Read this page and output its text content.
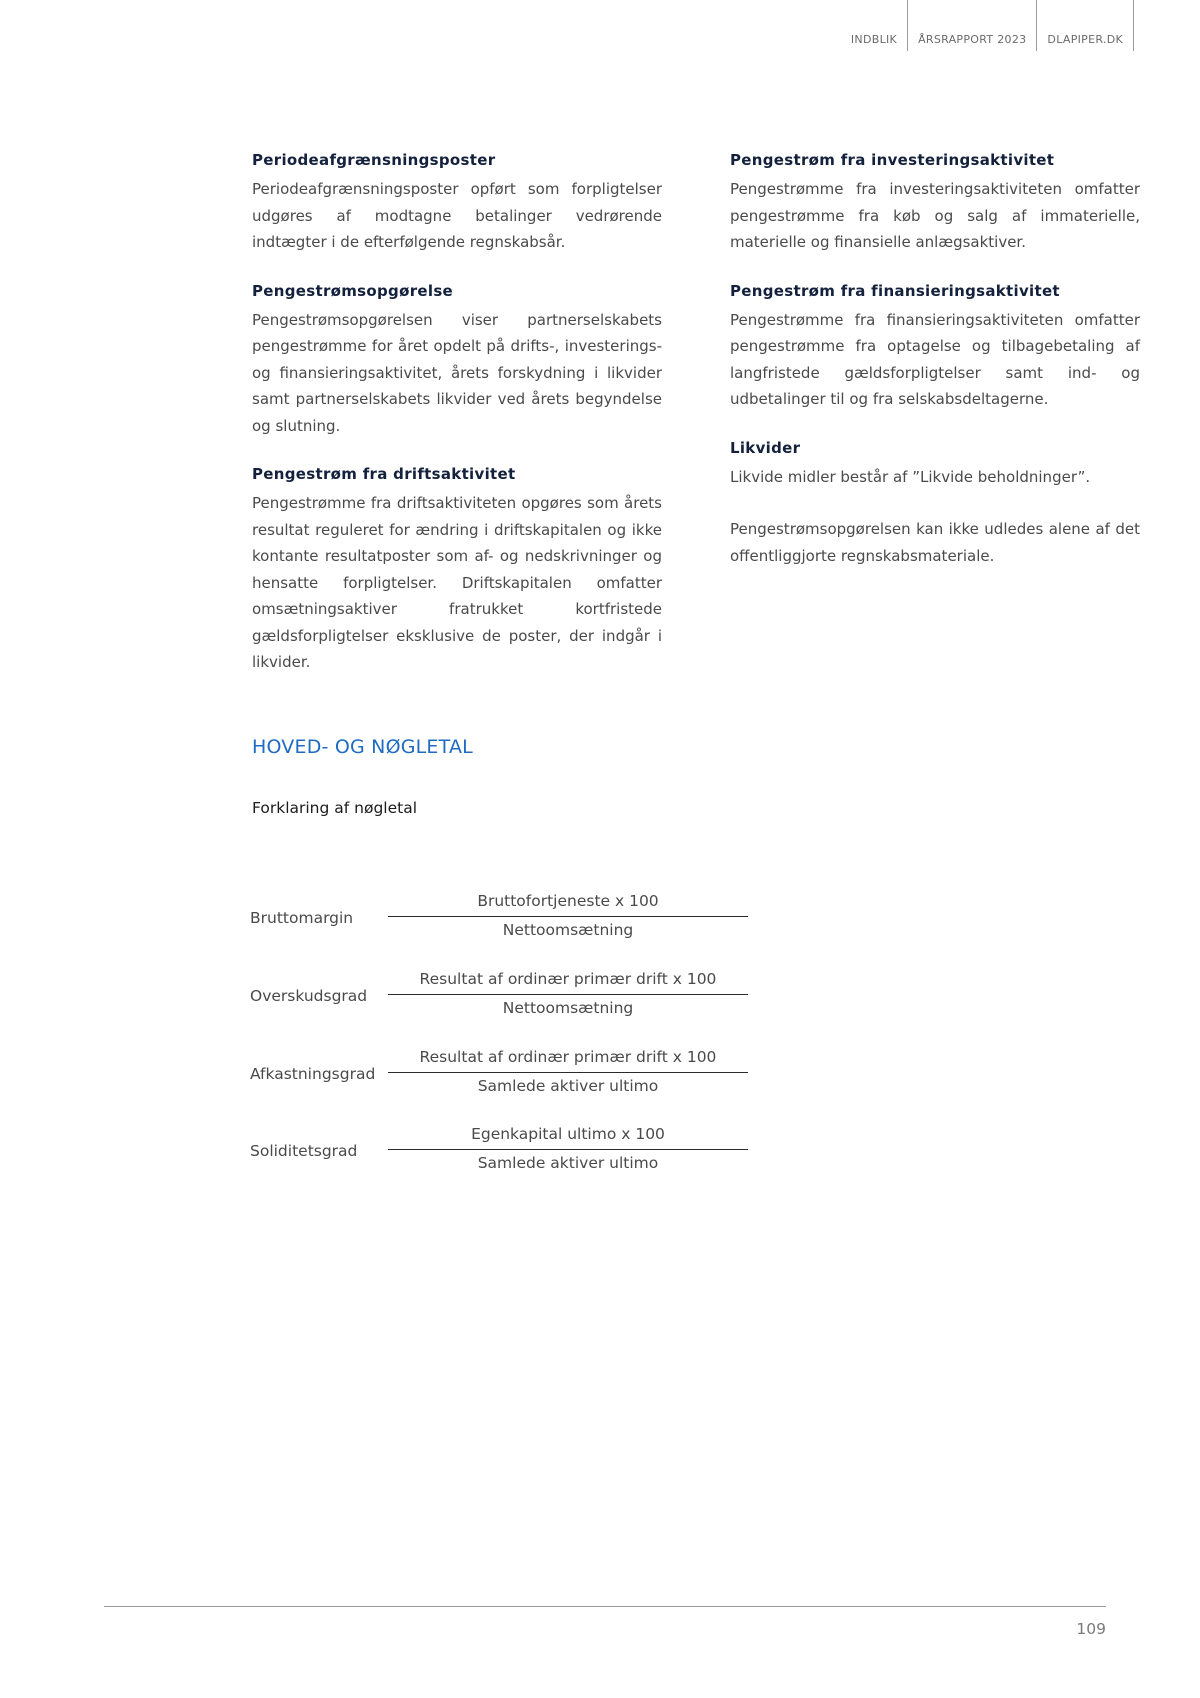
INDBLIK	ÅRSRAPPORT 2023	DLAPIPER.DK
Periodeafgrænsningsposter

Periodeafgrænsningsposter opført som forpligtelser udgøres af modtagne betalinger vedrørende indtægter i de efterfølgende regnskabsår.

Pengestrømsopgørelse

Pengestrømsopgørelsen viser partnerselskabets pengestrømme for året opdelt på drifts-, investerings- og finansieringsaktivitet, årets forskydning i likvider samt partnerselskabets likvider ved årets begyndelse og slutning.

Pengestrøm fra driftsaktivitet

Pengestrømme fra driftsaktiviteten opgøres som årets resultat reguleret for ændring i driftskapitalen og ikke kontante resultatposter som af- og nedskrivninger og hensatte forpligtelser. Driftskapitalen omfatter omsætningsaktiver fratrukket kortfristede gældsforpligtelser eksklusive de poster, der indgår i likvider.

Pengestrøm fra investeringsaktivitet

Pengestrømme fra investeringsaktiviteten omfatter pengestrømme fra køb og salg af immaterielle, materielle og finansielle anlægsaktiver.

Pengestrøm fra finansieringsaktivitet

Pengestrømme fra finansieringsaktiviteten omfatter pengestrømme fra optagelse og tilbagebetaling af langfristede gældsforpligtelser samt ind- og udbetalinger til og fra selskabsdeltagerne.

Likvider

Likvide midler består af ”Likvide beholdninger”.

Pengestrømsopgørelsen kan ikke udledes alene af det offentliggjorte regnskabsmateriale.

HOVED- OG NØGLETAL
Forklaring af nøgletal
Bruttomargin
Bruttofortjeneste x 100
Nettoomsætning
Overskudsgrad
Resultat af ordinær primær drift x 100
Nettoomsætning
Afkastningsgrad
Resultat af ordinær primær drift x 100
Samlede aktiver ultimo
Soliditetsgrad
Egenkapital ultimo x 100
Samlede aktiver ultimo
109
